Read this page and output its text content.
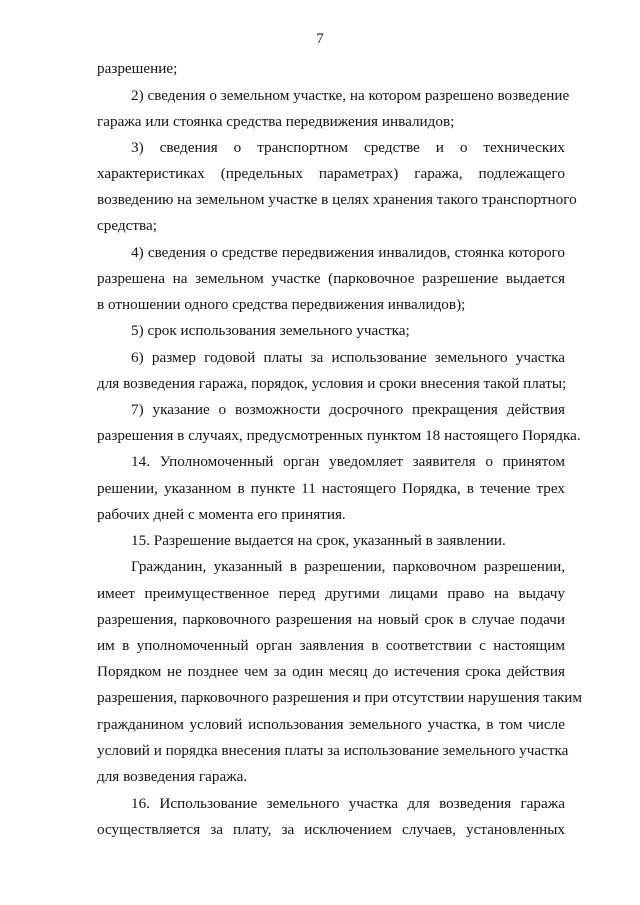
7
разрешение;
2) сведения о земельном участке, на котором разрешено возведение
гаража или стоянка средства передвижения инвалидов;
3) сведения о транспортном средстве и о технических
характеристиках (предельных параметрах) гаража, подлежащего
возведению на земельном участке в целях хранения такого транспортного
средства;
4) сведения о средстве передвижения инвалидов, стоянка которого
разрешена на земельном участке (парковочное разрешение выдается
в отношении одного средства передвижения инвалидов);
5) срок использования земельного участка;
6) размер годовой платы за использование земельного участка
для возведения гаража, порядок, условия и сроки внесения такой платы;
7) указание о возможности досрочного прекращения действия
разрешения в случаях, предусмотренных пунктом 18 настоящего Порядка.
14. Уполномоченный орган уведомляет заявителя о принятом
решении, указанном в пункте 11 настоящего Порядка, в течение трех
рабочих дней с момента его принятия.
15. Разрешение выдается на срок, указанный в заявлении.
Гражданин, указанный в разрешении, парковочном разрешении,
имеет преимущественное перед другими лицами право на выдачу
разрешения, парковочного разрешения на новый срок в случае подачи
им в уполномоченный орган заявления в соответствии с настоящим
Порядком не позднее чем за один месяц до истечения срока действия
разрешения, парковочного разрешения и при отсутствии нарушения таким
гражданином условий использования земельного участка, в том числе
условий и порядка внесения платы за использование земельного участка
для возведения гаража.
16. Использование земельного участка для возведения гаража
осуществляется за плату, за исключением случаев, установленных
